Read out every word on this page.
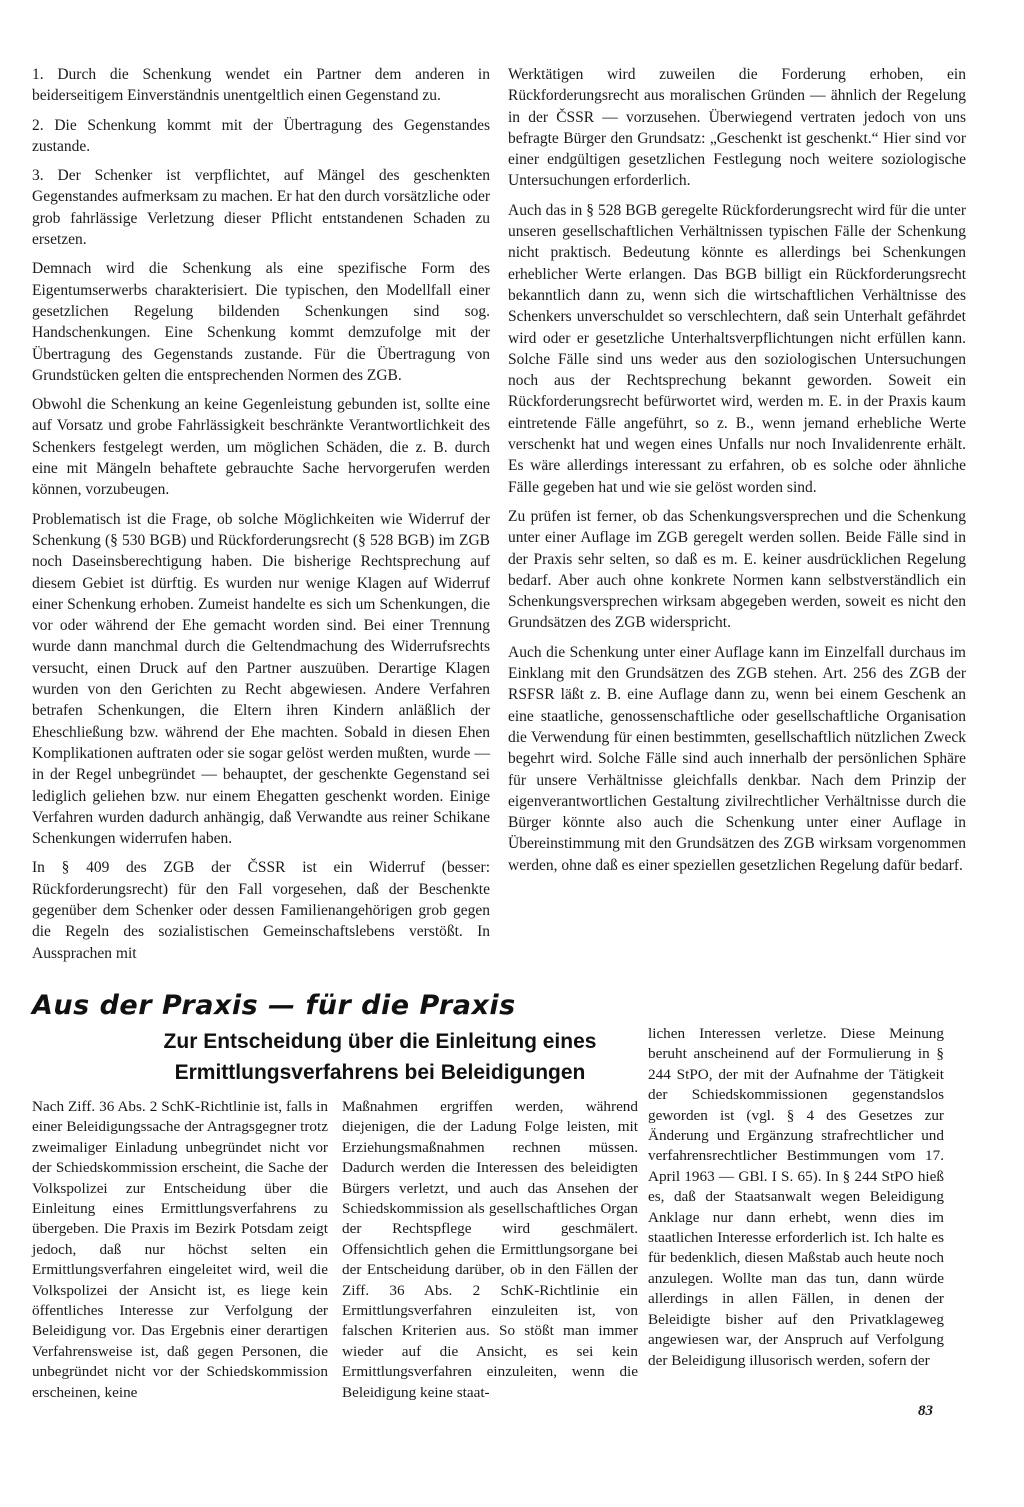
1. Durch die Schenkung wendet ein Partner dem anderen in beiderseitigem Einverständnis unentgeltlich einen Gegenstand zu.

2. Die Schenkung kommt mit der Übertragung des Gegenstandes zustande.

3. Der Schenker ist verpflichtet, auf Mängel des geschenkten Gegenstandes aufmerksam zu machen. Er hat den durch vorsätzliche oder grob fahrlässige Verletzung dieser Pflicht entstandenen Schaden zu ersetzen.

Demnach wird die Schenkung als eine spezifische Form des Eigentumserwerbs charakterisiert. Die typischen, den Modellfall einer gesetzlichen Regelung bildenden Schenkungen sind sog. Handschenkungen. Eine Schenkung kommt demzufolge mit der Übertragung des Gegenstands zustande. Für die Übertragung von Grundstücken gelten die entsprechenden Normen des ZGB.

Obwohl die Schenkung an keine Gegenleistung gebunden ist, sollte eine auf Vorsatz und grobe Fahrlässigkeit beschränkte Verantwortlichkeit des Schenkers festgelegt werden, um möglichen Schäden, die z. B. durch eine mit Mängeln behaftete gebrauchte Sache hervorgerufen werden können, vorzubeugen.

Problematisch ist die Frage, ob solche Möglichkeiten wie Widerruf der Schenkung (§ 530 BGB) und Rückforderungsrecht (§ 528 BGB) im ZGB noch Daseinsberechtigung haben. Die bisherige Rechtsprechung auf diesem Gebiet ist dürftig. Es wurden nur wenige Klagen auf Widerruf einer Schenkung erhoben. Zumeist handelte es sich um Schenkungen, die vor oder während der Ehe gemacht worden sind. Bei einer Trennung wurde dann manchmal durch die Geltendmachung des Widerrufsrechts versucht, einen Druck auf den Partner auszuüben. Derartige Klagen wurden von den Gerichten zu Recht abgewiesen. Andere Verfahren betrafen Schenkungen, die Eltern ihren Kindern anläßlich der Eheschließung bzw. während der Ehe machten. Sobald in diesen Ehen Komplikationen auftraten oder sie sogar gelöst werden mußten, wurde — in der Regel unbegründet — behauptet, der geschenkte Gegenstand sei lediglich geliehen bzw. nur einem Ehegatten geschenkt worden. Einige Verfahren wurden dadurch anhängig, daß Verwandte aus reiner Schikane Schenkungen widerrufen haben.

In § 409 des ZGB der ČSSR ist ein Widerruf (besser: Rückforderungsrecht) für den Fall vorgesehen, daß der Beschenkte gegenüber dem Schenker oder dessen Familienangehörigen grob gegen die Regeln des sozialistischen Gemeinschaftslebens verstößt. In Aussprachen mit

Werktätigen wird zuweilen die Forderung erhoben, ein Rückforderungsrecht aus moralischen Gründen — ähnlich der Regelung in der ČSSR — vorzusehen. Überwiegend vertraten jedoch von uns befragte Bürger den Grundsatz: „Geschenkt ist geschenkt.“ Hier sind vor einer endgültigen gesetzlichen Festlegung noch weitere soziologische Untersuchungen erforderlich.

Auch das in § 528 BGB geregelte Rückforderungsrecht wird für die unter unseren gesellschaftlichen Verhältnissen typischen Fälle der Schenkung nicht praktisch. Bedeutung könnte es allerdings bei Schenkungen erheblicher Werte erlangen. Das BGB billigt ein Rückforderungsrecht bekanntlich dann zu, wenn sich die wirtschaftlichen Verhältnisse des Schenkers unverschuldet so verschlechtern, daß sein Unterhalt gefährdet wird oder er gesetzliche Unterhaltsverpflichtungen nicht erfüllen kann. Solche Fälle sind uns weder aus den soziologischen Untersuchungen noch aus der Rechtsprechung bekannt geworden. Soweit ein Rückforderungsrecht befürwortet wird, werden m. E. in der Praxis kaum eintretende Fälle angeführt, so z. B., wenn jemand erhebliche Werte verschenkt hat und wegen eines Unfalls nur noch Invalidenrente erhält. Es wäre allerdings interessant zu erfahren, ob es solche oder ähnliche Fälle gegeben hat und wie sie gelöst worden sind.

Zu prüfen ist ferner, ob das Schenkungsversprechen und die Schenkung unter einer Auflage im ZGB geregelt werden sollen. Beide Fälle sind in der Praxis sehr selten, so daß es m. E. keiner ausdrücklichen Regelung bedarf. Aber auch ohne konkrete Normen kann selbstverständlich ein Schenkungsversprechen wirksam abgegeben werden, soweit es nicht den Grundsätzen des ZGB widerspricht.

Auch die Schenkung unter einer Auflage kann im Einzelfall durchaus im Einklang mit den Grundsätzen des ZGB stehen. Art. 256 des ZGB der RSFSR läßt z. B. eine Auflage dann zu, wenn bei einem Geschenk an eine staatliche, genossenschaftliche oder gesellschaftliche Organisation die Verwendung für einen bestimmten, gesellschaftlich nützlichen Zweck begehrt wird. Solche Fälle sind auch innerhalb der persönlichen Sphäre für unsere Verhältnisse gleichfalls denkbar. Nach dem Prinzip der eigenverantwortlichen Gestaltung zivilrechtlicher Verhältnisse durch die Bürger könnte also auch die Schenkung unter einer Auflage in Übereinstimmung mit den Grundsätzen des ZGB wirksam vorgenommen werden, ohne daß es einer speziellen gesetzlichen Regelung dafür bedarf.

Aus der Praxis — für die Praxis
Zur Entscheidung über die Einleitung eines Ermittlungsverfahrens bei Beleidigungen

Nach Ziff. 36 Abs. 2 SchK-Richtlinie ist, falls in einer Beleidigungssache der Antragsgegner trotz zweimaliger Einladung unbegründet nicht vor der Schiedskommission erscheint, die Sache der Volkspolizei zur Entscheidung über die Einleitung eines Ermittlungsverfahrens zu übergeben. Die Praxis im Bezirk Potsdam zeigt jedoch, daß nur höchst selten ein Ermittlungsverfahren eingeleitet wird, weil die Volkspolizei der Ansicht ist, es liege kein öffentliches Interesse zur Verfolgung der Beleidigung vor. Das Ergebnis einer derartigen Verfahrensweise ist, daß gegen Personen, die unbegründet nicht vor der Schiedskommission erscheinen, keine

Maßnahmen ergriffen werden, während diejenigen, die der Ladung Folge leisten, mit Erziehungsmaßnahmen rechnen müssen. Dadurch werden die Interessen des beleidigten Bürgers verletzt, und auch das Ansehen der Schiedskommission als gesellschaftliches Organ der Rechtspflege wird geschmälert. Offensichtlich gehen die Ermittlungsorgane bei der Entscheidung darüber, ob in den Fällen der Ziff. 36 Abs. 2 SchK-Richtlinie ein Ermittlungsverfahren einzuleiten ist, von falschen Kriterien aus. So stößt man immer wieder auf die Ansicht, es sei kein Ermittlungsverfahren einzuleiten, wenn die Beleidigung keine staat-

lichen Interessen verletze. Diese Meinung beruht anscheinend auf der Formulierung in § 244 StPO, der mit der Aufnahme der Tätigkeit der Schiedskommissionen gegenstandslos geworden ist (vgl. § 4 des Gesetzes zur Änderung und Ergänzung strafrechtlicher und verfahrensrechtlicher Bestimmungen vom 17. April 1963 — GBl. I S. 65). In § 244 StPO hieß es, daß der Staatsanwalt wegen Beleidigung Anklage nur dann erhebt, wenn dies im staatlichen Interesse erforderlich ist. Ich halte es für bedenklich, diesen Maßstab auch heute noch anzulegen. Wollte man das tun, dann würde allerdings in allen Fällen, in denen der Beleidigte bisher auf den Privatklageweg angewiesen war, der Anspruch auf Verfolgung der Beleidigung illusorisch werden, sofern der

83
